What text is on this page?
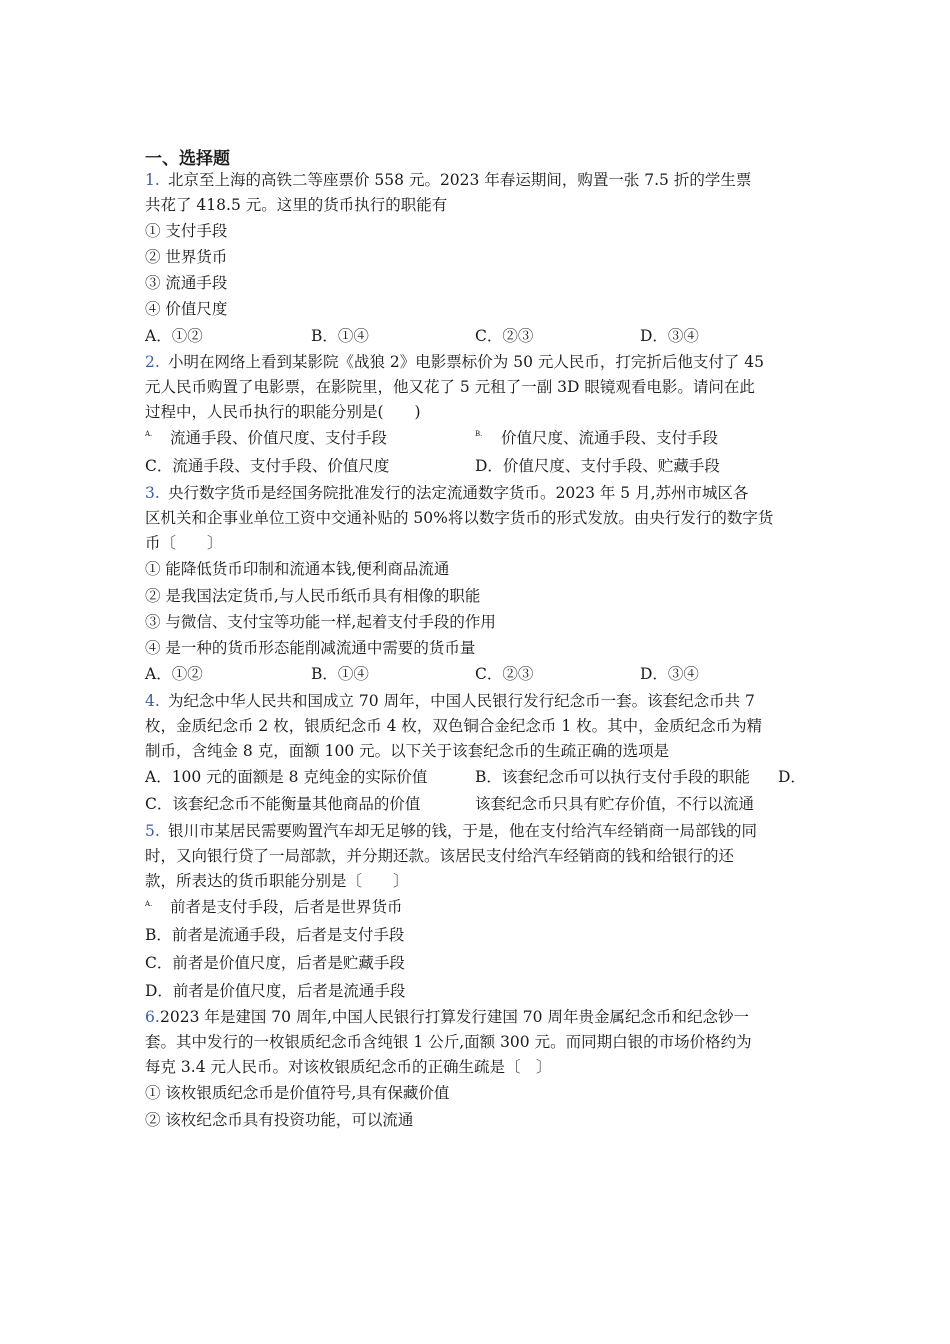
一、选择题
1. 北京至上海的高铁二等座票价 558 元。2023 年春运期间，购置一张 7.5 折的学生票
共花了 418.5 元。这里的货币执行的职能有
① 支付手段
② 世界货币
③ 流通手段
④ 价值尺度
A．①②	B．①④	C．②③	D．③④
2. 小明在网络上看到某影院《战狼 2》电影票标价为 50 元人民币，打完折后他支付了 45
元人民币购置了电影票，在影院里，他又花了 5 元租了一副 3D 眼镜观看电影。请问在此
过程中，人民币执行的职能分别是(　　)
A. 流通手段、价值尺度、支付手段	B. 价值尺度、流通手段、支付手段
C．流通手段、支付手段、价值尺度	D．价值尺度、支付手段、贮藏手段
3. 央行数字货币是经国务院批准发行的法定流通数字货币。2023 年 5 月,苏州市城区各
区机关和企事业单位工资中交通补贴的 50%将以数字货币的形式发放。由央行发行的数字货
币〔　　〕
① 能降低货币印制和流通本钱,便利商品流通
② 是我国法定货币,与人民币纸币具有相像的职能
③ 与微信、支付宝等功能一样,起着支付手段的作用
④ 是一种的货币形态能削减流通中需要的货币量
A．①②	B．①④	C．②③	D．③④
4. 为纪念中华人民共和国成立 70 周年，中国人民银行发行纪念币一套。该套纪念币共 7
枚，金质纪念币 2 枚，银质纪念币 4 枚，双色铜合金纪念币 1 枚。其中，金质纪念币为精
制币，含纯金 8 克，面额 100 元。以下关于该套纪念币的生疏正确的选项是
A．100 元的面额是 8 克纯金的实际价值	B．该套纪念币可以执行支付手段的职能 D．
C．该套纪念币不能衡量其他商品的价值	该套纪念币只具有贮存价值，不行以流通
5. 银川市某居民需要购置汽车却无足够的钱，于是，他在支付给汽车经销商一局部钱的同
时，又向银行贷了一局部款，并分期还款。该居民支付给汽车经销商的钱和给银行的还
款，所表达的货币职能分别是〔　　〕
A. 前者是支付手段，后者是世界货币
B．前者是流通手段，后者是支付手段
C．前者是价值尺度，后者是贮藏手段
D．前者是价值尺度，后者是流通手段
6. 2023 年是建国 70 周年,中国人民银行打算发行建国 70 周年贵金属纪念币和纪念钞一
套。其中发行的一枚银质纪念币含纯银 1 公斤,面额 300 元。而同期白银的市场价格约为
每克 3.4 元人民币。对该枚银质纪念币的正确生疏是〔　〕
① 该枚银质纪念币是价值符号,具有保藏价值
② 该枚纪念币具有投资功能，可以流通
